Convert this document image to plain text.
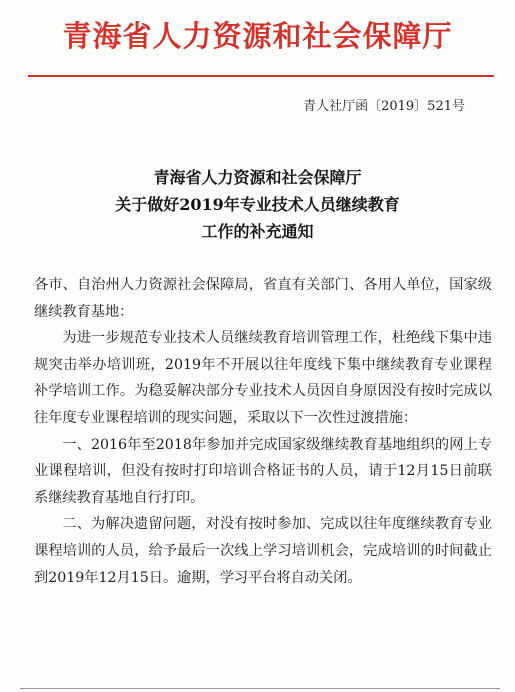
青海省人力资源和社会保障厅
青人社厅函〔2019〕521号
青海省人力资源和社会保障厅
关于做好2019年专业技术人员继续教育
工作的补充通知

各市、自治州人力资源社会保障局，省直有关部门、各用人单位，国家级继续教育基地：

为进一步规范专业技术人员继续教育培训管理工作，杜绝线下集中违规突击举办培训班，2019年不开展以往年度线下集中继续教育专业课程补学培训工作。为稳妥解决部分专业技术人员因自身原因没有按时完成以往年度专业课程培训的现实问题，采取以下一次性过渡措施：

一、2016年至2018年参加并完成国家级继续教育基地组织的网上专业课程培训，但没有按时打印培训合格证书的人员，请于12月15日前联系继续教育基地自行打印。

二、为解决遗留问题，对没有按时参加、完成以往年度继续教育专业课程培训的人员，给予最后一次线上学习培训机会，完成培训的时间截止到2019年12月15日。逾期，学习平台将自动关闭。
